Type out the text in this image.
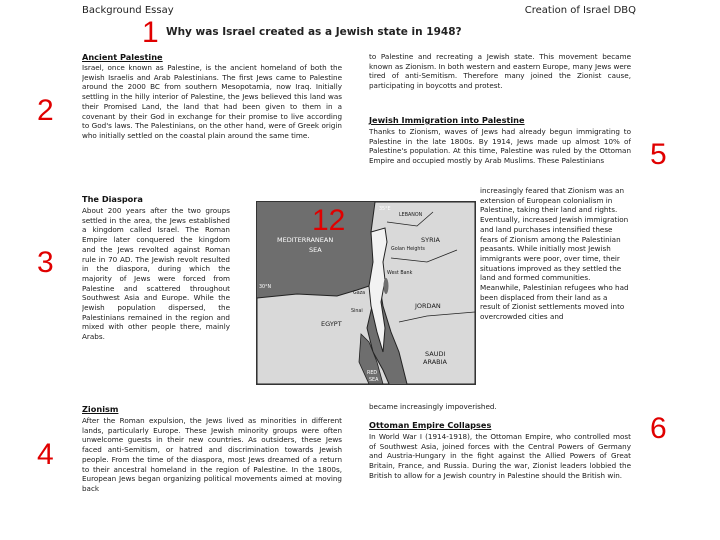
Background Essay	Creation of Israel DBQ
Why was Israel created as a Jewish state in 1948?
1
2
3
4
5
6
Ancient Palestine
Israel, once known as Palestine, is the ancient homeland of both the Jewish Israelis and Arab Palestinians. The first Jews came to Palestine around the 2000 BC from southern Mesopotamia, now Iraq. Initially settling in the hilly interior of Palestine, the Jews believed this land was their Promised Land, the land that had been given to them in a covenant by their God in exchange for their promise to live according to God's laws. The Palestinians, on the other hand, were of Greek origin who initially settled on the coastal plain around the same time.
The Diaspora
About 200 years after the two groups settled in the area, the Jews established a kingdom called Israel. The Roman Empire later conquered the kingdom and the Jews revolted against Roman rule in 70 AD. The Jewish revolt resulted in the diaspora, during which the majority of Jews were forced from Palestine and scattered throughout Southwest Asia and Europe. While the Jewish population dispersed, the Palestinians remained in the region and mixed with other people there, mainly Arabs.
Zionism
After the Roman expulsion, the Jews lived as minorities in different lands, particularly Europe. These Jewish minority groups were often unwelcome guests in their new countries. As outsiders, these Jews faced anti-Semitism, or hatred and discrimination towards Jewish people. From the time of the diaspora, most Jews dreamed of a return to their ancestral homeland in the region of Palestine. In the 1800s, European Jews began organizing political movements aimed at moving back
to Palestine and recreating a Jewish state. This movement became known as Zionism. In both western and eastern Europe, many Jews were tired of anti-Semitism. Therefore many joined the Zionist cause, participating in boycotts and protest.
Jewish Immigration into Palestine
Thanks to Zionism, waves of Jews had already begun immigrating to Palestine in the late 1800s. By 1914, Jews made up almost 10% of Palestine's population. At this time, Palestine was ruled by the Ottoman Empire and occupied mostly by Arab Muslims. These Palestinians
increasingly feared that Zionism was an extension of European colonialism in Palestine, taking their land and rights. Eventually, increased Jewish immigration and land purchases intensified these fears of Zionism among the Palestinian peasants. While initially most Jewish immigrants were poor, over time, their situations improved as they settled the land and formed communities. Meanwhile, Palestinian refugees who had been displaced from their land as a result of Zionist settlements moved into overcrowded cities and
became increasingly impoverished.
Ottoman Empire Collapses
In World War I (1914-1918), the Ottoman Empire, who controlled most of Southwest Asia, joined forces with the Central Powers of Germany and Austria-Hungary in the fight against the Allied Powers of Great Britain, France, and Russia. During the war, Zionist leaders lobbied the British to allow for a Jewish country in Palestine should the British win.
MEDITERRANEAN
SEA
LEBANON
SYRIA
Golan Heights
West Bank
Gaza
EGYPT
Sinai
JORDAN
SAUDI
ARABIA
RED
SEA
30°N
35°E
12
